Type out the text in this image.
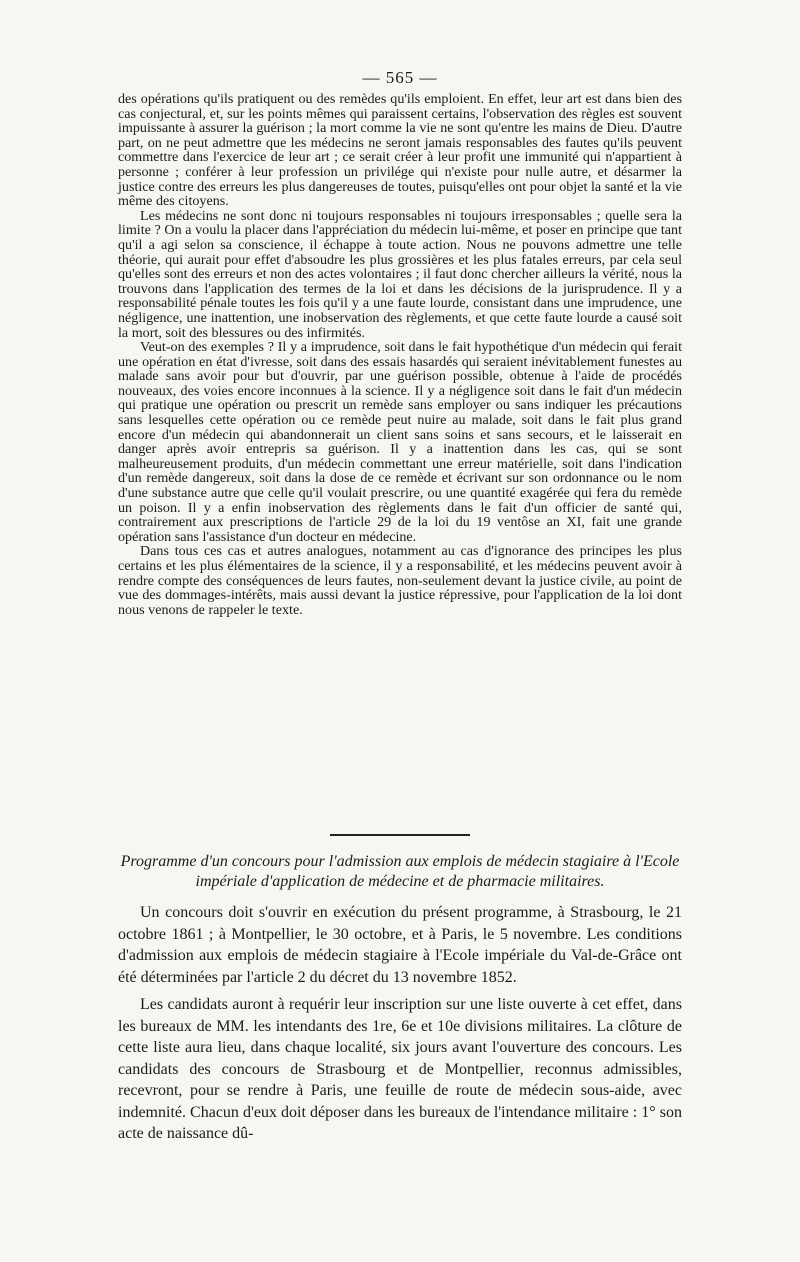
— 565 —

des opérations qu'ils pratiquent ou des remèdes qu'ils emploient. En effet, leur art est dans bien des cas conjectural, et, sur les points mêmes qui paraissent certains, l'observation des règles est souvent impuissante à assurer la guérison ; la mort comme la vie ne sont qu'entre les mains de Dieu. D'autre part, on ne peut admettre que les médecins ne seront jamais responsables des fautes qu'ils peuvent commettre dans l'exercice de leur art ; ce serait créer à leur profit une immunité qui n'appartient à personne ; conférer à leur profession un privilége qui n'existe pour nulle autre, et désarmer la justice contre des erreurs les plus dangereuses de toutes, puisqu'elles ont pour objet la santé et la vie même des citoyens.

Les médecins ne sont donc ni toujours responsables ni toujours irresponsables ; quelle sera la limite ? On a voulu la placer dans l'appréciation du médecin lui-même, et poser en principe que tant qu'il a agi selon sa conscience, il échappe à toute action. Nous ne pouvons admettre une telle théorie, qui aurait pour effet d'absoudre les plus grossières et les plus fatales erreurs, par cela seul qu'elles sont des erreurs et non des actes volontaires ; il faut donc chercher ailleurs la vérité, nous la trouvons dans l'application des termes de la loi et dans les décisions de la jurisprudence. Il y a responsabilité pénale toutes les fois qu'il y a une faute lourde, consistant dans une imprudence, une négligence, une inattention, une inobservation des règlements, et que cette faute lourde a causé soit la mort, soit des blessures ou des infirmités.

Veut-on des exemples ? Il y a imprudence, soit dans le fait hypothétique d'un médecin qui ferait une opération en état d'ivresse, soit dans des essais hasardés qui seraient inévitablement funestes au malade sans avoir pour but d'ouvrir, par une guérison possible, obtenue à l'aide de procédés nouveaux, des voies encore inconnues à la science. Il y a négligence soit dans le fait d'un médecin qui pratique une opération ou prescrit un remède sans employer ou sans indiquer les précautions sans lesquelles cette opération ou ce remède peut nuire au malade, soit dans le fait plus grand encore d'un médecin qui abandonnerait un client sans soins et sans secours, et le laisserait en danger après avoir entrepris sa guérison. Il y a inattention dans les cas, qui se sont malheureusement produits, d'un médecin commettant une erreur matérielle, soit dans l'indication d'un remède dangereux, soit dans la dose de ce remède et écrivant sur son ordonnance ou le nom d'une substance autre que celle qu'il voulait prescrire, ou une quantité exagérée qui fera du remède un poison. Il y a enfin inobservation des règlements dans le fait d'un officier de santé qui, contrairement aux prescriptions de l'article 29 de la loi du 19 ventôse an XI, fait une grande opération sans l'assistance d'un docteur en médecine.

Dans tous ces cas et autres analogues, notamment au cas d'ignorance des principes les plus certains et les plus élémentaires de la science, il y a responsabilité, et les médecins peuvent avoir à rendre compte des conséquences de leurs fautes, non-seulement devant la justice civile, au point de vue des dommages-intérêts, mais aussi devant la justice répressive, pour l'application de la loi dont nous venons de rappeler le texte.

Programme d'un concours pour l'admission aux emplois de médecin stagiaire à l'Ecole impériale d'application de médecine et de pharmacie militaires.

Un concours doit s'ouvrir en exécution du présent programme, à Strasbourg, le 21 octobre 1861 ; à Montpellier, le 30 octobre, et à Paris, le 5 novembre. Les conditions d'admission aux emplois de médecin stagiaire à l'Ecole impériale du Val-de-Grâce ont été déterminées par l'article 2 du décret du 13 novembre 1852.

Les candidats auront à requérir leur inscription sur une liste ouverte à cet effet, dans les bureaux de MM. les intendants des 1re, 6e et 10e divisions militaires. La clôture de cette liste aura lieu, dans chaque localité, six jours avant l'ouverture des concours. Les candidats des concours de Strasbourg et de Montpellier, reconnus admissibles, recevront, pour se rendre à Paris, une feuille de route de médecin sous-aide, avec indemnité. Chacun d'eux doit déposer dans les bureaux de l'intendance militaire : 1° son acte de naissance dû-
